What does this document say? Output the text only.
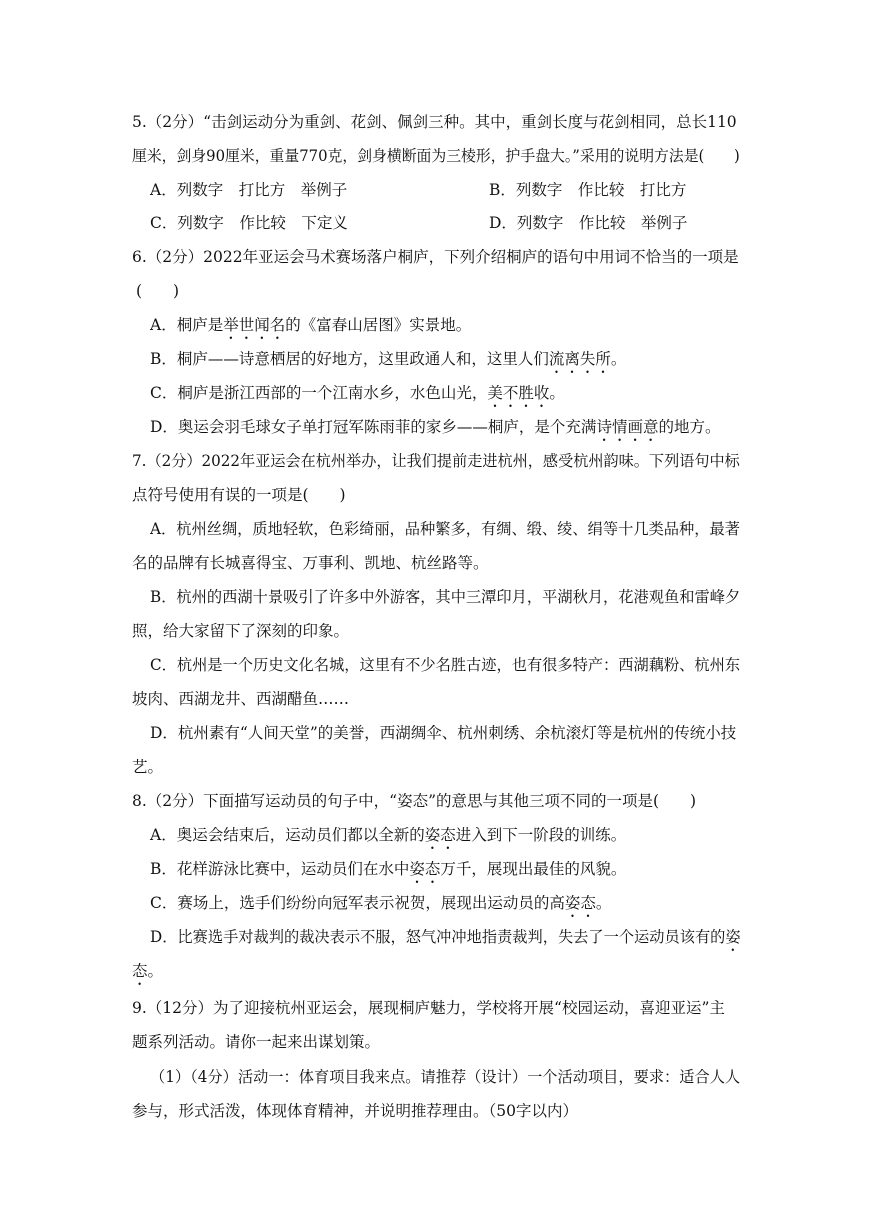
5.（2分）“击剑运动分为重剑、花剑、佩剑三种。其中，重剑长度与花剑相同，总长110
厘米，剑身90厘米，重量770克，剑身横断面为三棱形，护手盘大。”采用的说明方法是(　　)
A．列数字　打比方　举例子	B．列数字　作比较　打比方
C．列数字　作比较　下定义	D．列数字　作比较　举例子
6.（2分）2022年亚运会马术赛场落户桐庐，下列介绍桐庐的语句中用词不恰当的一项是
(　　)
A．桐庐是举世闻名的《富春山居图》实景地。
B．桐庐——诗意栖居的好地方，这里政通人和，这里人们流离失所。
C．桐庐是浙江西部的一个江南水乡，水色山光，美不胜收。
D．奥运会羽毛球女子单打冠军陈雨菲的家乡——桐庐，是个充满诗情画意的地方。
7.（2分）2022年亚运会在杭州举办，让我们提前走进杭州，感受杭州韵味。下列语句中标
点符号使用有误的一项是(　　)
A．杭州丝绸，质地轻软，色彩绮丽，品种繁多，有绸、缎、绫、绢等十几类品种，最著
名的品牌有长城喜得宝、万事利、凯地、杭丝路等。
B．杭州的西湖十景吸引了许多中外游客，其中三潭印月，平湖秋月，花港观鱼和雷峰夕
照，给大家留下了深刻的印象。
C．杭州是一个历史文化名城，这里有不少名胜古迹，也有很多特产：西湖藕粉、杭州东
坡肉、西湖龙井、西湖醋鱼……
D．杭州素有“人间天堂”的美誉，西湖绸伞、杭州刺绣、余杭滚灯等是杭州的传统小技
艺。
8.（2分）下面描写运动员的句子中，“姿态”的意思与其他三项不同的一项是(　　)
A．奥运会结束后，运动员们都以全新的姿态进入到下一阶段的训练。
B．花样游泳比赛中，运动员们在水中姿态万千，展现出最佳的风貌。
C．赛场上，选手们纷纷向冠军表示祝贺，展现出运动员的高姿态。
D．比赛选手对裁判的裁决表示不服，怒气冲冲地指责裁判，失去了一个运动员该有的姿
态。
9.（12分）为了迎接杭州亚运会，展现桐庐魅力，学校将开展“校园运动，喜迎亚运”主
题系列活动。请你一起来出谋划策。
（1）（4分）活动一：体育项目我来点。请推荐（设计）一个活动项目，要求：适合人人
参与，形式活泼，体现体育精神，并说明推荐理由。（50字以内）
